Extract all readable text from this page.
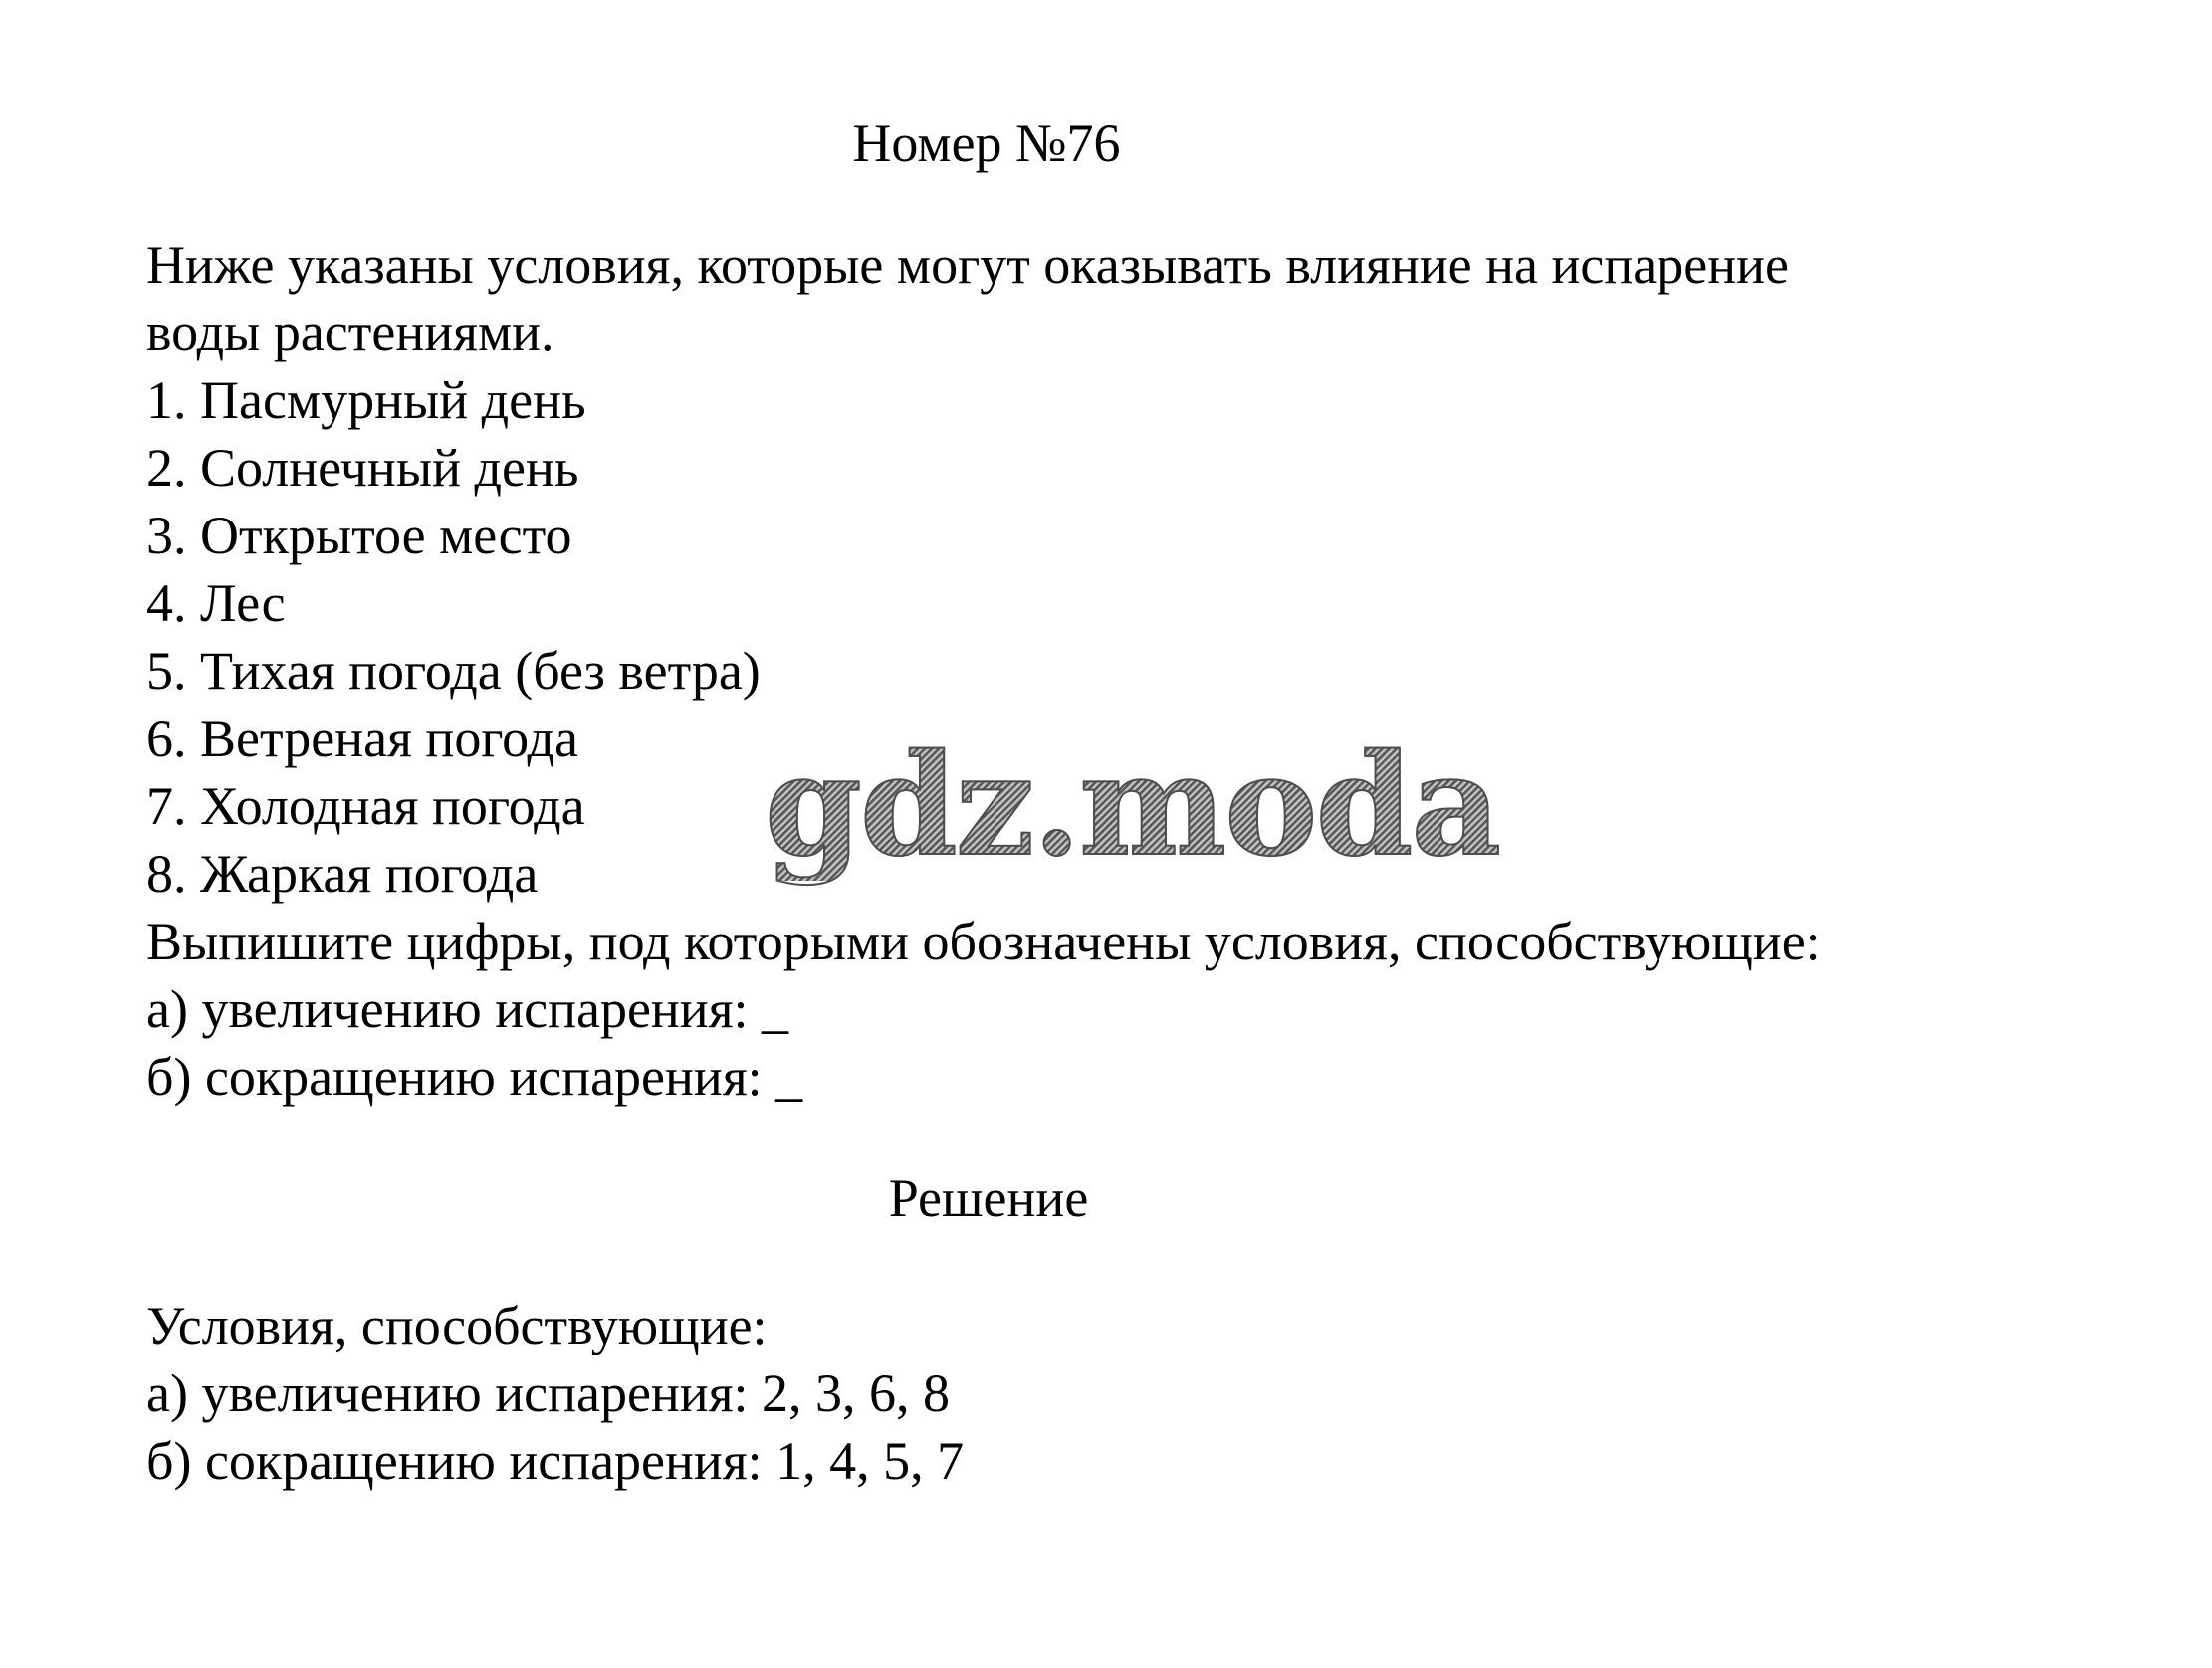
Номер №76
Ниже указаны условия, которые могут оказывать влияние на испарение
воды растениями.
1. Пасмурный день
2. Солнечный день
3. Открытое место
4. Лес
5. Тихая погода (без ветра)
6. Ветреная погода
7. Холодная погода
8. Жаркая погода
Выпишите цифры, под которыми обозначены условия, способствующие:
а) увеличению испарения: _
б) сокращению испарения: _
Решение
Условия, способствующие:
а) увеличению испарения: 2, 3, 6, 8
б) сокращению испарения: 1, 4, 5, 7
gdz.moda
